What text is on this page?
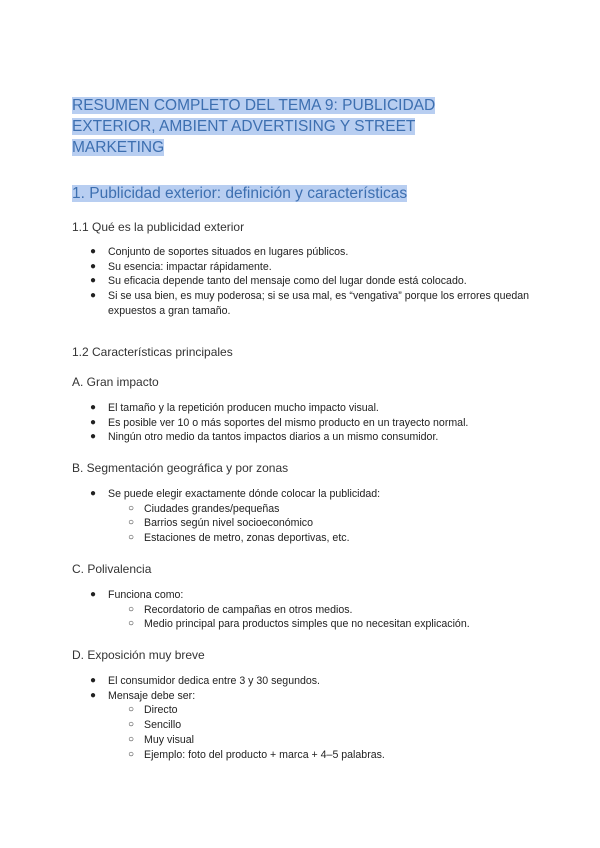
RESUMEN COMPLETO DEL TEMA 9: PUBLICIDAD EXTERIOR, AMBIENT ADVERTISING Y STREET MARKETING
1. Publicidad exterior: definición y características
1.1 Qué es la publicidad exterior
●	Conjunto de soportes situados en lugares públicos.
●	Su esencia: impactar rápidamente.
●	Su eficacia depende tanto del mensaje como del lugar donde está colocado.
●	Si se usa bien, es muy poderosa; si se usa mal, es “vengativa” porque los errores quedan expuestos a gran tamaño.
1.2 Características principales
A. Gran impacto
●	El tamaño y la repetición producen mucho impacto visual.
●	Es posible ver 10 o más soportes del mismo producto en un trayecto normal.
●	Ningún otro medio da tantos impactos diarios a un mismo consumidor.
B. Segmentación geográfica y por zonas
●	Se puede elegir exactamente dónde colocar la publicidad:
○ Ciudades grandes/pequeñas
○ Barrios según nivel socioeconómico
○ Estaciones de metro, zonas deportivas, etc.
C. Polivalencia
●	Funciona como:
○ Recordatorio de campañas en otros medios.
○ Medio principal para productos simples que no necesitan explicación.
D. Exposición muy breve
●	El consumidor dedica entre 3 y 30 segundos.
●	Mensaje debe ser:
○ Directo
○ Sencillo
○ Muy visual
○ Ejemplo: foto del producto + marca + 4–5 palabras.
